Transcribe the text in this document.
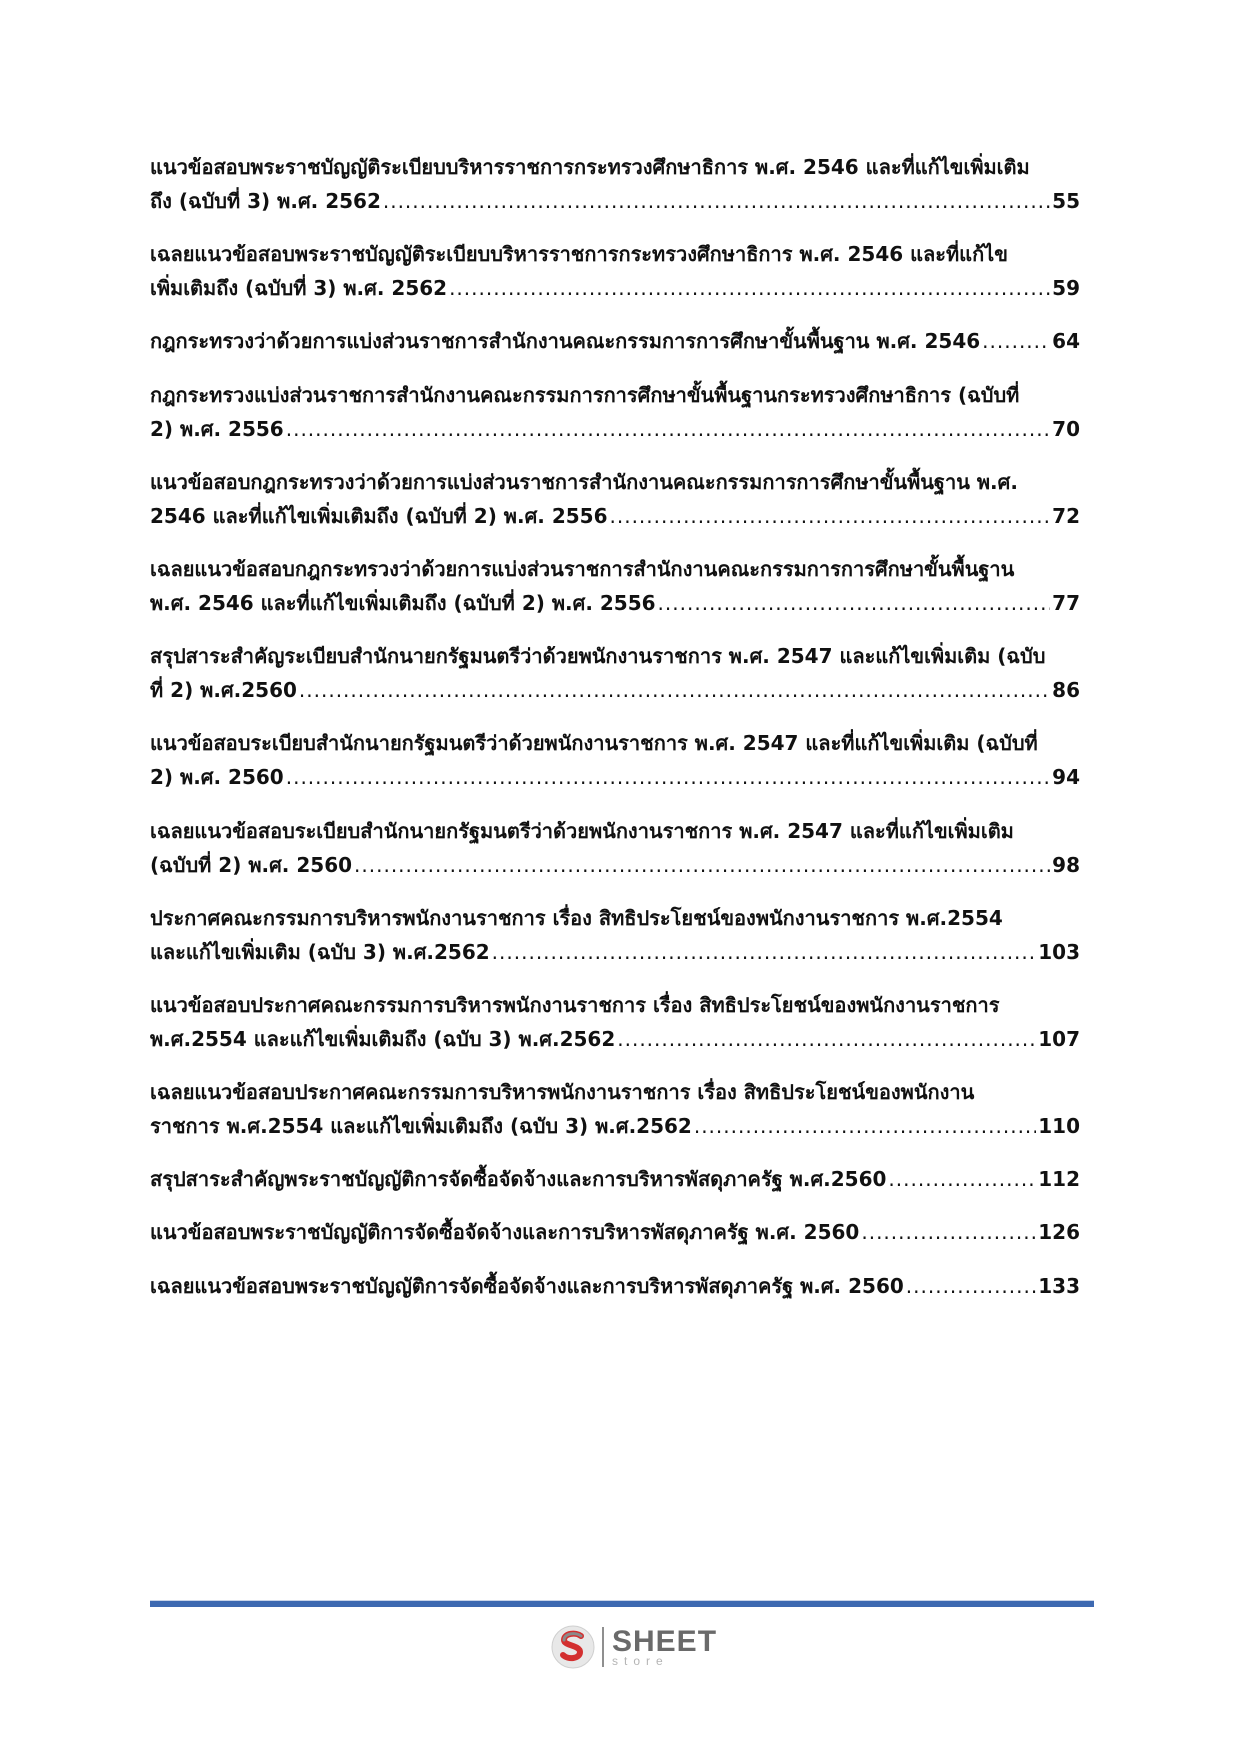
แนวข้อสอบพระราชบัญญัติระเบียบบริหารราชการกระทรวงศึกษาธิการ พ.ศ. 2546 และที่แก้ไขเพิ่มเติม
ถึง (ฉบับที่ 3) พ.ศ. 2562 .....	55
เฉลยแนวข้อสอบพระราชบัญญัติระเบียบบริหารราชการกระทรวงศึกษาธิการ พ.ศ. 2546 และที่แก้ไข
เพิ่มเติมถึง (ฉบับที่ 3) พ.ศ. 2562 .....	59
กฎกระทรวงว่าด้วยการแบ่งส่วนราชการสำนักงานคณะกรรมการการศึกษาขั้นพื้นฐาน พ.ศ. 2546 .....	64
กฎกระทรวงแบ่งส่วนราชการสำนักงานคณะกรรมการการศึกษาขั้นพื้นฐานกระทรวงศึกษาธิการ (ฉบับที่
2) พ.ศ. 2556 .....	70
แนวข้อสอบกฎกระทรวงว่าด้วยการแบ่งส่วนราชการสำนักงานคณะกรรมการการศึกษาขั้นพื้นฐาน พ.ศ.
2546 และที่แก้ไขเพิ่มเติมถึง (ฉบับที่ 2) พ.ศ. 2556 .....	72
เฉลยแนวข้อสอบกฎกระทรวงว่าด้วยการแบ่งส่วนราชการสำนักงานคณะกรรมการการศึกษาขั้นพื้นฐาน
พ.ศ. 2546 และที่แก้ไขเพิ่มเติมถึง (ฉบับที่ 2) พ.ศ. 2556 .....	77
สรุปสาระสำคัญระเบียบสำนักนายกรัฐมนตรีว่าด้วยพนักงานราชการ พ.ศ. 2547 และแก้ไขเพิ่มเติม (ฉบับ
ที่ 2) พ.ศ.2560 .....	86
แนวข้อสอบระเบียบสำนักนายกรัฐมนตรีว่าด้วยพนักงานราชการ พ.ศ. 2547 และที่แก้ไขเพิ่มเติม (ฉบับที่
2) พ.ศ. 2560 .....	94
เฉลยแนวข้อสอบระเบียบสำนักนายกรัฐมนตรีว่าด้วยพนักงานราชการ พ.ศ. 2547 และที่แก้ไขเพิ่มเติม
(ฉบับที่ 2) พ.ศ. 2560 .....	98
ประกาศคณะกรรมการบริหารพนักงานราชการ เรื่อง สิทธิประโยชน์ของพนักงานราชการ พ.ศ.2554
และแก้ไขเพิ่มเติม (ฉบับ 3) พ.ศ.2562 .....	103
แนวข้อสอบประกาศคณะกรรมการบริหารพนักงานราชการ เรื่อง สิทธิประโยชน์ของพนักงานราชการ
พ.ศ.2554 และแก้ไขเพิ่มเติมถึง (ฉบับ 3) พ.ศ.2562 .....	107
เฉลยแนวข้อสอบประกาศคณะกรรมการบริหารพนักงานราชการ เรื่อง สิทธิประโยชน์ของพนักงาน
ราชการ พ.ศ.2554 และแก้ไขเพิ่มเติมถึง (ฉบับ 3) พ.ศ.2562 .....	110
สรุปสาระสำคัญพระราชบัญญัติการจัดซื้อจัดจ้างและการบริหารพัสดุภาครัฐ พ.ศ.2560 .....	112
แนวข้อสอบพระราชบัญญัติการจัดซื้อจัดจ้างและการบริหารพัสดุภาครัฐ พ.ศ. 2560 .....	126
เฉลยแนวข้อสอบพระราชบัญญัติการจัดซื้อจัดจ้างและการบริหารพัสดุภาครัฐ พ.ศ. 2560 .....	133
SHEET
store
